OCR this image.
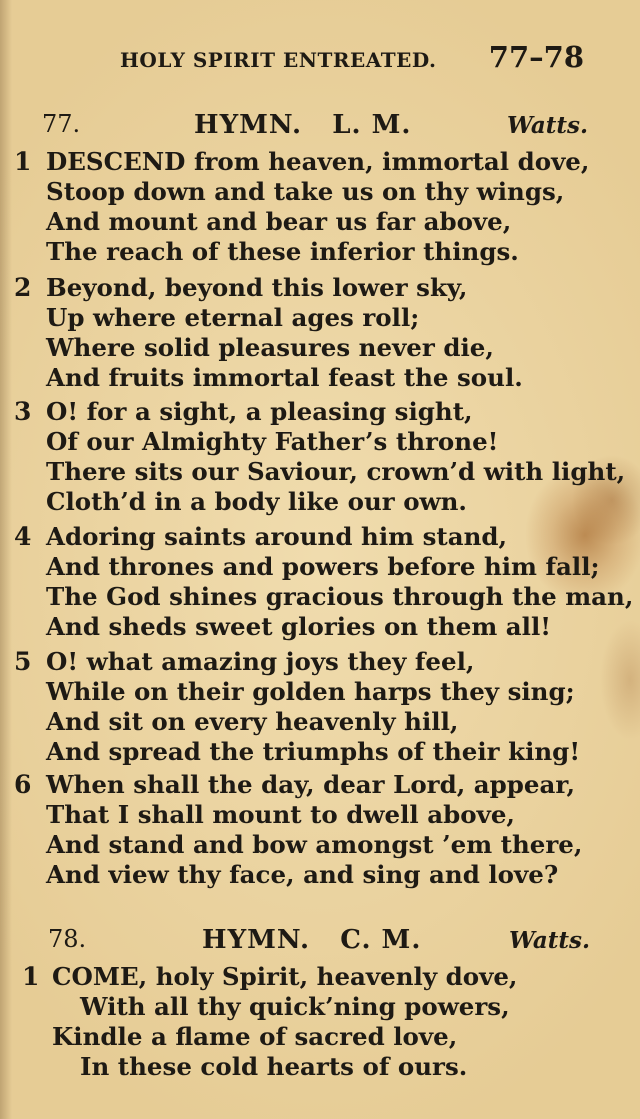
HOLY SPIRIT ENTREATED. 77–78
77.	HYMN.   L. M.	Watts.
1 DESCEND from heaven, immortal dove,
Stoop down and take us on thy wings,
And mount and bear us far above,
The reach of these inferior things.
2 Beyond, beyond this lower sky,
Up where eternal ages roll;
Where solid pleasures never die,
And fruits immortal feast the soul.
3 O! for a sight, a pleasing sight,
Of our Almighty Father’s throne!
There sits our Saviour, crown’d with light,
Cloth’d in a body like our own.
4 Adoring saints around him stand,
And thrones and powers before him fall;
The God shines gracious through the man,
And sheds sweet glories on them all!
5 O! what amazing joys they feel,
While on their golden harps they sing;
And sit on every heavenly hill,
And spread the triumphs of their king!
6 When shall the day, dear Lord, appear,
That I shall mount to dwell above,
And stand and bow amongst ’em there,
And view thy face, and sing and love?
78.	HYMN.   C. M.	Watts.
1 COME, holy Spirit, heavenly dove,
With all thy quick’ning powers,
Kindle a flame of sacred love,
In these cold hearts of ours.
